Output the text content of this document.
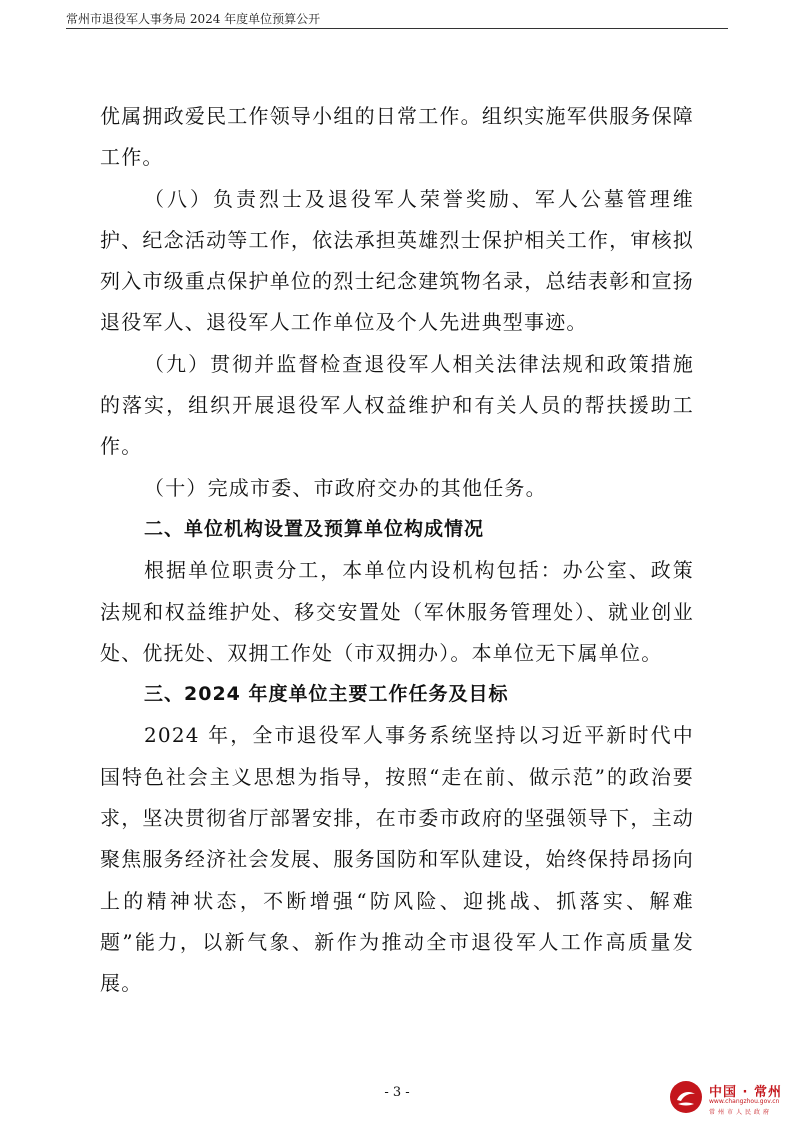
常州市退役军人事务局 2024 年度单位预算公开

优属拥政爱民工作领导小组的日常工作。组织实施军供服务保障工作。

（八）负责烈士及退役军人荣誉奖励、军人公墓管理维护、纪念活动等工作，依法承担英雄烈士保护相关工作，审核拟列入市级重点保护单位的烈士纪念建筑物名录，总结表彰和宣扬退役军人、退役军人工作单位及个人先进典型事迹。

（九）贯彻并监督检查退役军人相关法律法规和政策措施的落实，组织开展退役军人权益维护和有关人员的帮扶援助工作。

（十）完成市委、市政府交办的其他任务。

二、单位机构设置及预算单位构成情况

根据单位职责分工，本单位内设机构包括：办公室、政策法规和权益维护处、移交安置处（军休服务管理处）、就业创业处、优抚处、双拥工作处（市双拥办）。本单位无下属单位。

三、2024 年度单位主要工作任务及目标

2024 年，全市退役军人事务系统坚持以习近平新时代中国特色社会主义思想为指导，按照“走在前、做示范”的政治要求，坚决贯彻省厅部署安排，在市委市政府的坚强领导下，主动聚焦服务经济社会发展、服务国防和军队建设，始终保持昂扬向上的精神状态，不断增强“防风险、迎挑战、抓落实、解难题”能力，以新气象、新作为推动全市退役军人工作高质量发展。

- 3 -	中国 · 常州
www.changzhou.gov.cn
常州市人民政府
